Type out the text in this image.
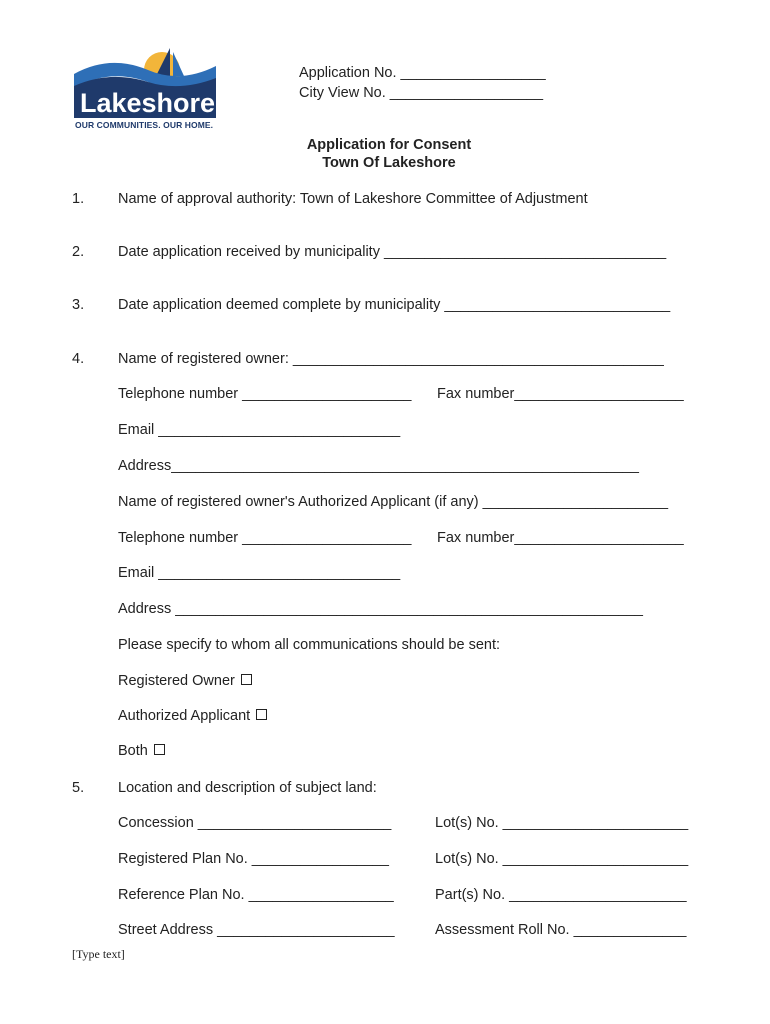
Lakeshore
OUR COMMUNITIES. OUR HOME.
Application No. __________________
City View No. ___________________
Application for Consent
Town Of Lakeshore
1. Name of approval authority: Town of Lakeshore Committee of Adjustment
2. Date application received by municipality ___________________________________
3. Date application deemed complete by municipality ____________________________
4. Name of registered owner: ______________________________________________
Telephone number _____________________ Fax number_____________________
Email ______________________________
Address__________________________________________________________
Name of registered owner's Authorized Applicant (if any) _______________________
Telephone number _____________________ Fax number_____________________
Email ______________________________
Address __________________________________________________________
Please specify to whom all communications should be sent:
Registered Owner
Authorized Applicant
Both
5. Location and description of subject land:
Concession ________________________	Lot(s) No. _______________________
Registered Plan No. _________________	Lot(s) No. _______________________
Reference Plan No. __________________	Part(s) No. ______________________
Street Address ______________________	Assessment Roll No. ______________
[Type text]
